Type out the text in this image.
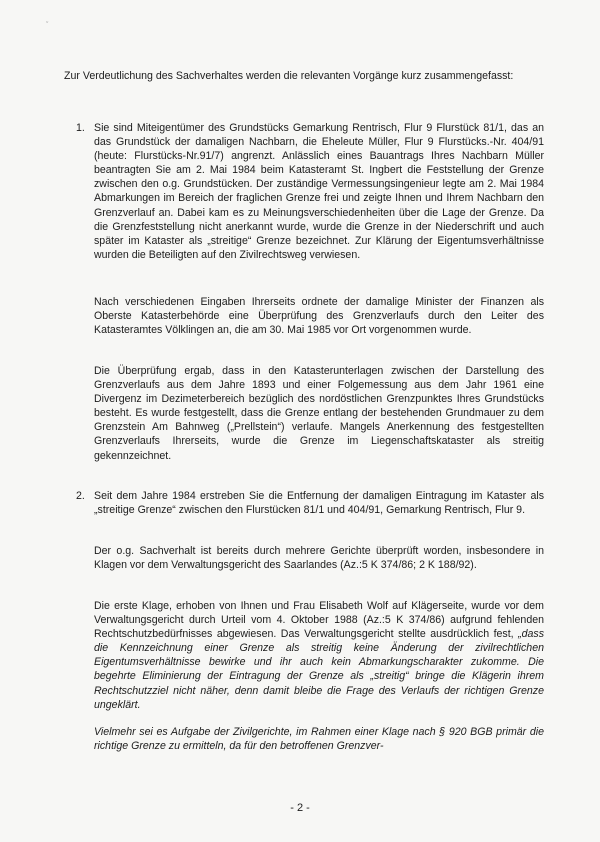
ˇ
Zur Verdeutlichung des Sachverhaltes werden die relevanten Vorgänge kurz zusammengefasst:
1. Sie sind Miteigentümer des Grundstücks Gemarkung Rentrisch, Flur 9 Flurstück 81/1, das an das Grundstück der damaligen Nachbarn, die Eheleute Müller, Flur 9 Flurstücks.-Nr. 404/91 (heute: Flurstücks-Nr.91/7) angrenzt. Anlässlich eines Bauantrags Ihres Nachbarn Müller beantragten Sie am 2. Mai 1984 beim Katasteramt St. Ingbert die Feststellung der Grenze zwischen den o.g. Grundstücken. Der zuständige Vermessungsingenieur legte am 2. Mai 1984 Abmarkungen im Bereich der fraglichen Grenze frei und zeigte Ihnen und Ihrem Nachbarn den Grenzverlauf an. Dabei kam es zu Meinungsverschiedenheiten über die Lage der Grenze. Da die Grenzfeststellung nicht anerkannt wurde, wurde die Grenze in der Niederschrift und auch später im Kataster als „streitige“ Grenze bezeichnet. Zur Klärung der Eigentumsverhältnisse wurden die Beteiligten auf den Zivilrechtsweg verwiesen.
Nach verschiedenen Eingaben Ihrerseits ordnete der damalige Minister der Finanzen als Oberste Katasterbehörde eine Überprüfung des Grenzverlaufs durch den Leiter des Katasteramtes Völklingen an, die am 30. Mai 1985 vor Ort vorgenommen wurde.
Die Überprüfung ergab, dass in den Katasterunterlagen zwischen der Darstellung des Grenzverlaufs aus dem Jahre 1893 und einer Folgemessung aus dem Jahr 1961 eine Divergenz im Dezimeterbereich bezüglich des nordöstlichen Grenzpunktes Ihres Grundstücks besteht. Es wurde festgestellt, dass die Grenze entlang der bestehenden Grundmauer zu dem Grenzstein Am Bahnweg („Prellstein“) verlaufe. Mangels Anerkennung des festgestellten Grenzverlaufs Ihrerseits, wurde die Grenze im Liegenschaftskataster als streitig gekennzeichnet.
2. Seit dem Jahre 1984 erstreben Sie die Entfernung der damaligen Eintragung im Kataster als „streitige Grenze“ zwischen den Flurstücken 81/1 und 404/91, Gemarkung Rentrisch, Flur 9.
Der o.g. Sachverhalt ist bereits durch mehrere Gerichte überprüft worden, insbesondere in Klagen vor dem Verwaltungsgericht des Saarlandes (Az.:5 K 374/86; 2 K 188/92).
Die erste Klage, erhoben von Ihnen und Frau Elisabeth Wolf auf Klägerseite, wurde vor dem Verwaltungsgericht durch Urteil vom 4. Oktober 1988 (Az.:5 K 374/86) aufgrund fehlenden Rechtschutzbedürfnisses abgewiesen. Das Verwaltungsgericht stellte ausdrücklich fest, „dass die Kennzeichnung einer Grenze als streitig keine Änderung der zivilrechtlichen Eigentumsverhältnisse bewirke und ihr auch kein Abmarkungscharakter zukomme. Die begehrte Eliminierung der Eintragung der Grenze als „streitig“ bringe die Klägerin ihrem Rechtschutzziel nicht näher, denn damit bleibe die Frage des Verlaufs der richtigen Grenze ungeklärt.
Vielmehr sei es Aufgabe der Zivilgerichte, im Rahmen einer Klage nach § 920 BGB primär die richtige Grenze zu ermitteln, da für den betroffenen Grenzver-
- 2 -
